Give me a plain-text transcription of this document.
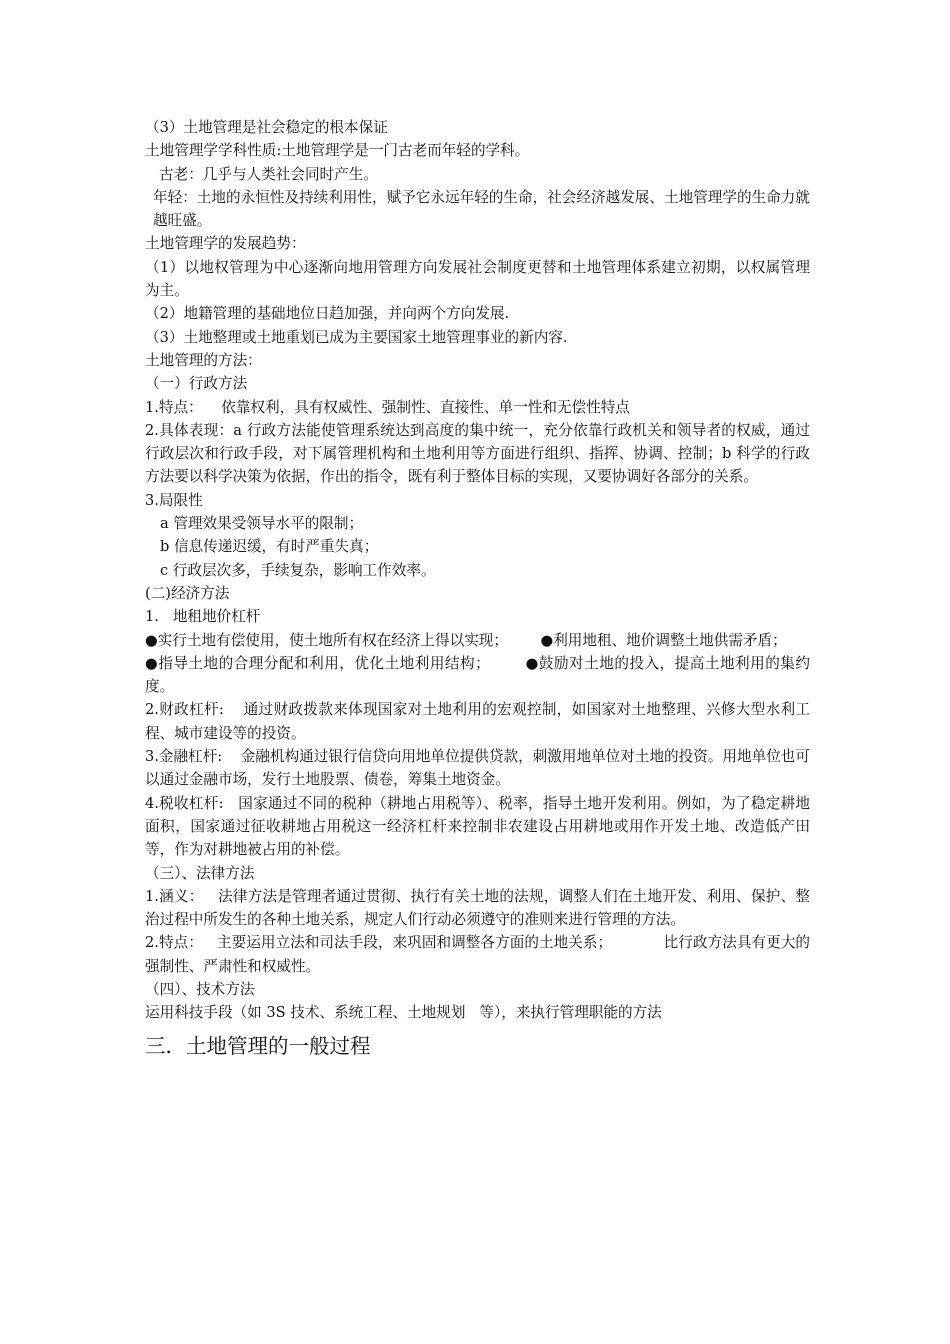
（3）土地管理是社会稳定的根本保证

土地管理学学科性质:土地管理学是一门古老而年轻的学科。

古老：几乎与人类社会同时产生。

年轻：土地的永恒性及持续利用性，赋予它永远年轻的生命，社会经济越发展、土地管理学的生命力就越旺盛。

土地管理学的发展趋势：

（1）以地权管理为中心逐渐向地用管理方向发展社会制度更替和土地管理体系建立初期，以权属管理为主。

（2）地籍管理的基础地位日趋加强，并向两个方向发展.

（3）土地整理或土地重划已成为主要国家土地管理事业的新内容.

土地管理的方法：

（一）行政方法

1.特点：    依靠权利，具有权威性、强制性、直接性、单一性和无偿性特点

2.具体表现：a 行政方法能使管理系统达到高度的集中统一，充分依靠行政机关和领导者的权威，通过行政层次和行政手段，对下属管理机构和土地利用等方面进行组织、指挥、协调、控制；b 科学的行政方法要以科学决策为依据，作出的指令，既有利于整体目标的实现，又要协调好各部分的关系。

3.局限性

a 管理效果受领导水平的限制；

b 信息传递迟缓，有时严重失真；

c 行政层次多，手续复杂，影响工作效率。

(二)经济方法

1.   地租地价杠杆

●实行土地有偿使用，使土地所有权在经济上得以实现；       ●利用地租、地价调整土地供需矛盾；

●指导土地的合理分配和利用，优化土地利用结构；       ●鼓励对土地的投入，提高土地利用的集约度。

2.财政杠杆:    通过财政拨款来体现国家对土地利用的宏观控制，如国家对土地整理、兴修大型水利工程、城市建设等的投资。

3.金融杠杆:    金融机构通过银行信贷向用地单位提供贷款，刺激用地单位对土地的投资。用地单位也可以通过金融市场，发行土地股票、债卷，筹集土地资金。

4.税收杠杆:   国家通过不同的税种（耕地占用税等）、税率，指导土地开发利用。例如，为了稳定耕地面积，国家通过征收耕地占用税这一经济杠杆来控制非农建设占用耕地或用作开发土地、改造低产田等，作为对耕地被占用的补偿。

（三）、法律方法

1.涵义：   法律方法是管理者通过贯彻、执行有关土地的法规，调整人们在土地开发、利用、保护、整治过程中所发生的各种土地关系，规定人们行动必须遵守的准则来进行管理的方法。

2.特点：   主要运用立法和司法手段，来巩固和调整各方面的土地关系；           比行政方法具有更大的强制性、严肃性和权威性。

（四）、技术方法

运用科技手段（如 3S 技术、系统工程、土地规划   等），来执行管理职能的方法

三．土地管理的一般过程
